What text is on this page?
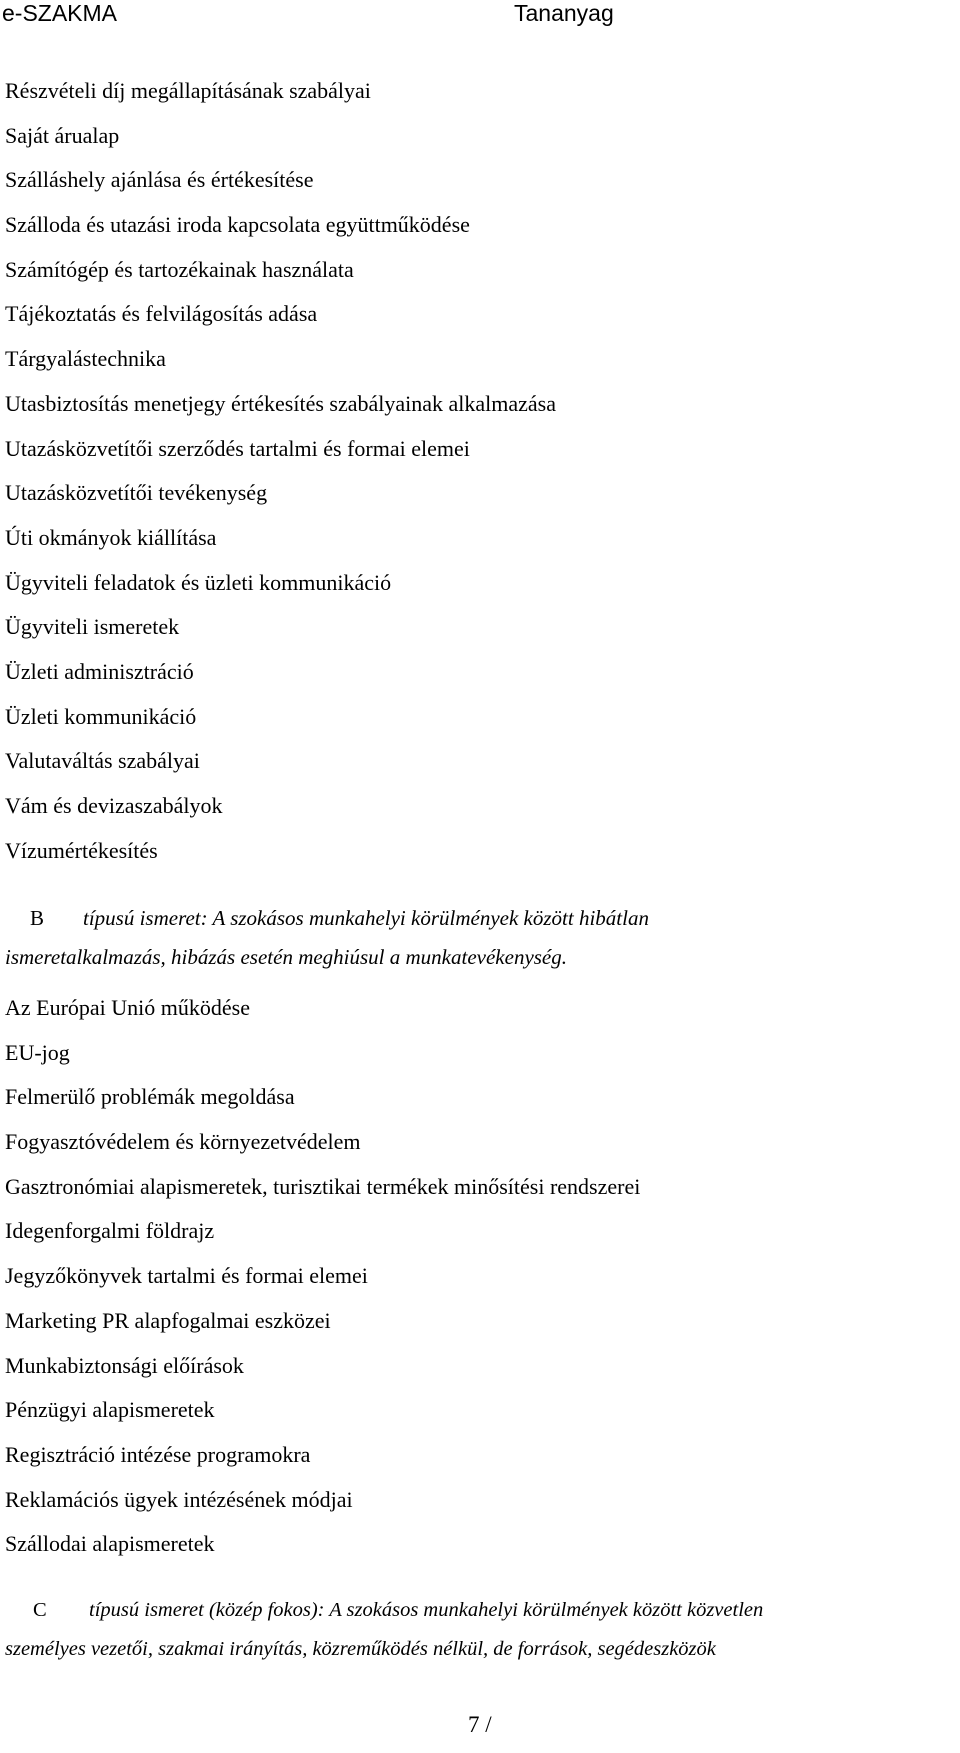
e-SZAKMA	Tananyag
Részvételi díj megállapításának szabályai
Saját árualap
Szálláshely ajánlása és értékesítése
Szálloda és utazási iroda kapcsolata együttműködése
Számítógép és tartozékainak használata
Tájékoztatás és felvilágosítás adása
Tárgyalástechnika
Utasbiztosítás menetjegy értékesítés szabályainak alkalmazása
Utazásközvetítői szerződés tartalmi és formai elemei
Utazásközvetítői tevékenység
Úti okmányok kiállítása
Ügyviteli feladatok és üzleti kommunikáció
Ügyviteli ismeretek
Üzleti adminisztráció
Üzleti kommunikáció
Valutaváltás szabályai
Vám és devizaszabályok
Vízumértékesítés
B típusú ismeret: A szokásos munkahelyi körülmények között hibátlan
ismeretalkalmazás, hibázás esetén meghiúsul a munkatevékenység.
Az Európai Unió működése
EU-jog
Felmerülő problémák megoldása
Fogyasztóvédelem és környezetvédelem
Gasztronómiai alapismeretek, turisztikai termékek minősítési rendszerei
Idegenforgalmi földrajz
Jegyzőkönyvek tartalmi és formai elemei
Marketing PR alapfogalmai eszközei
Munkabiztonsági előírások
Pénzügyi alapismeretek
Regisztráció intézése programokra
Reklamációs ügyek intézésének módjai
Szállodai alapismeretek
C típusú ismeret (közép fokos): A szokásos munkahelyi körülmények között közvetlen
személyes vezetői, szakmai irányítás, közreműködés nélkül, de források, segédeszközök
7 /
